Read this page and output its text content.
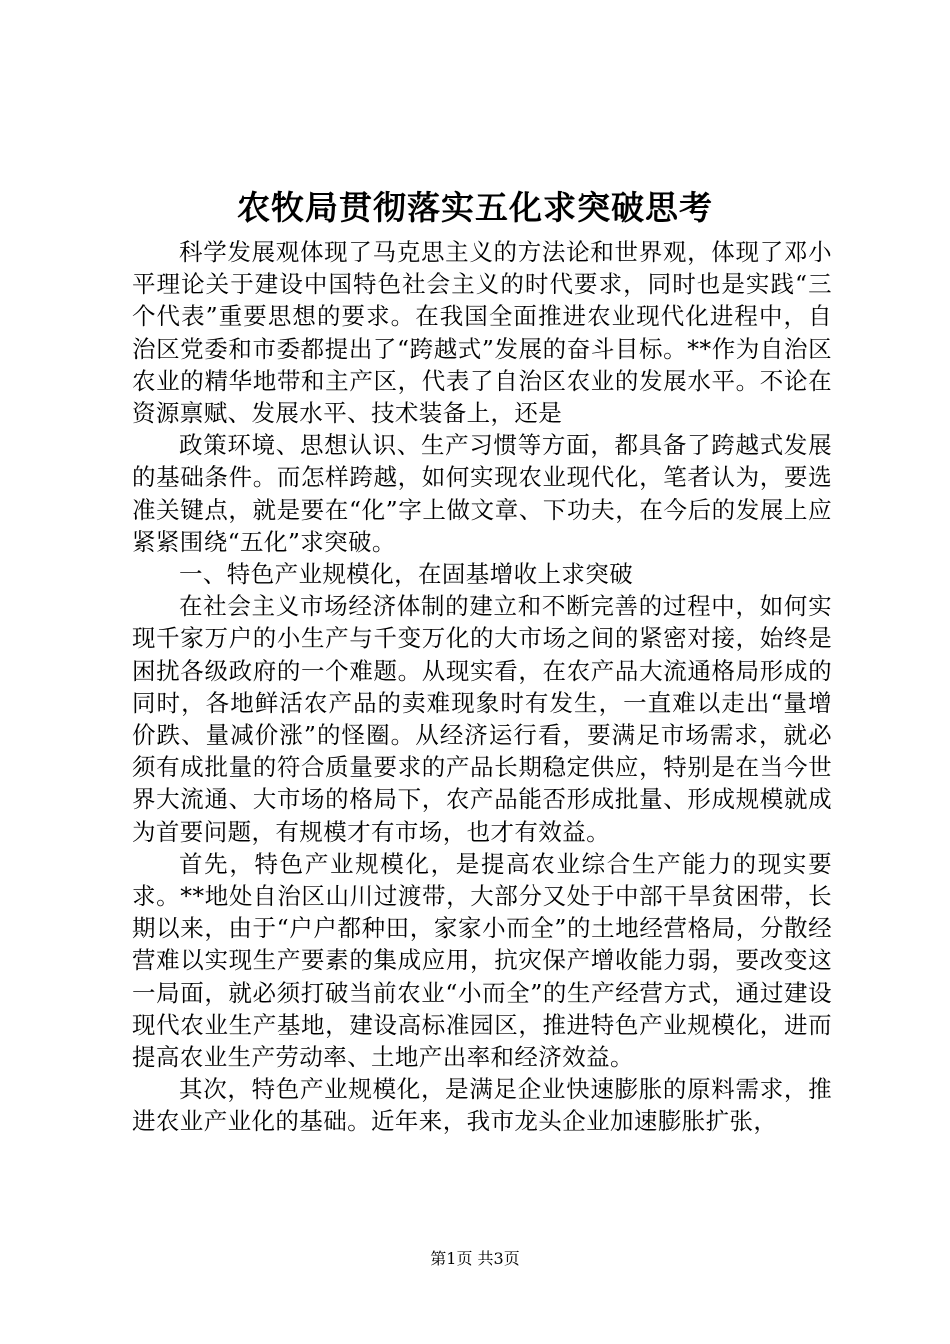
农牧局贯彻落实五化求突破思考

科学发展观体现了马克思主义的方法论和世界观，体现了邓小平理论关于建设中国特色社会主义的时代要求，同时也是实践“三个代表”重要思想的要求。在我国全面推进农业现代化进程中，自治区党委和市委都提出了“跨越式”发展的奋斗目标。**作为自治区农业的精华地带和主产区，代表了自治区农业的发展水平。不论在资源禀赋、发展水平、技术装备上，还是

政策环境、思想认识、生产习惯等方面，都具备了跨越式发展的基础条件。而怎样跨越，如何实现农业现代化，笔者认为，要选准关键点，就是要在“化”字上做文章、下功夫，在今后的发展上应紧紧围绕“五化”求突破。

一、特色产业规模化，在固基增收上求突破

在社会主义市场经济体制的建立和不断完善的过程中，如何实现千家万户的小生产与千变万化的大市场之间的紧密对接，始终是困扰各级政府的一个难题。从现实看，在农产品大流通格局形成的同时，各地鲜活农产品的卖难现象时有发生，一直难以走出“量增价跌、量减价涨”的怪圈。从经济运行看，要满足市场需求，就必须有成批量的符合质量要求的产品长期稳定供应，特别是在当今世界大流通、大市场的格局下，农产品能否形成批量、形成规模就成为首要问题，有规模才有市场，也才有效益。

首先，特色产业规模化，是提高农业综合生产能力的现实要求。**地处自治区山川过渡带，大部分又处于中部干旱贫困带，长期以来，由于“户户都种田，家家小而全”的土地经营格局，分散经营难以实现生产要素的集成应用，抗灾保产增收能力弱，要改变这一局面，就必须打破当前农业“小而全”的生产经营方式，通过建设现代农业生产基地，建设高标准园区，推进特色产业规模化，进而提高农业生产劳动率、土地产出率和经济效益。

其次，特色产业规模化，是满足企业快速膨胀的原料需求，推进农业产业化的基础。近年来，我市龙头企业加速膨胀扩张，

第1页 共3页
